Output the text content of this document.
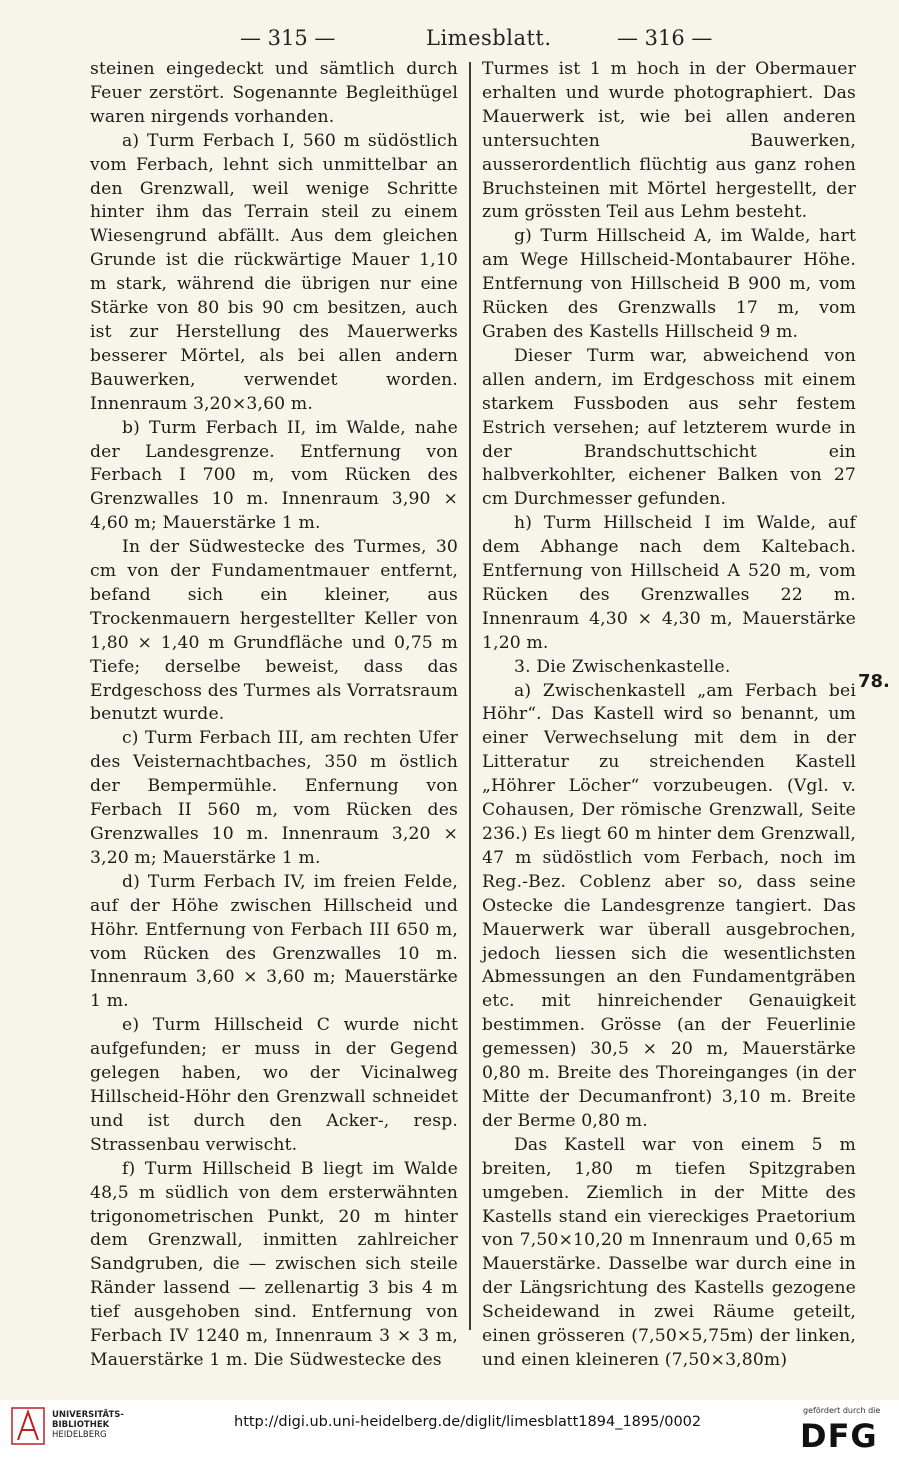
— 315 —	Limesblatt.	— 316 —

steinen eingedeckt und sämtlich durch Feuer zerstört. Sogenannte Begleithügel waren nirgends vorhanden.

a) Turm Ferbach I, 560 m südöstlich vom Ferbach, lehnt sich unmittelbar an den Grenzwall, weil wenige Schritte hinter ihm das Terrain steil zu einem Wiesengrund abfällt. Aus dem gleichen Grunde ist die rückwärtige Mauer 1,10 m stark, während die übrigen nur eine Stärke von 80 bis 90 cm besitzen, auch ist zur Herstellung des Mauerwerks besserer Mörtel, als bei allen andern Bauwerken, verwendet worden. Innenraum 3,20×3,60 m.

b) Turm Ferbach II, im Walde, nahe der Landesgrenze. Entfernung von Ferbach I 700 m, vom Rücken des Grenzwalles 10 m. Innenraum 3,90 × 4,60 m; Mauerstärke 1 m.

In der Südwestecke des Turmes, 30 cm von der Fundamentmauer entfernt, befand sich ein kleiner, aus Trockenmauern hergestellter Keller von 1,80 × 1,40 m Grundfläche und 0,75 m Tiefe; derselbe beweist, dass das Erdgeschoss des Turmes als Vorratsraum benutzt wurde.

c) Turm Ferbach III, am rechten Ufer des Veisternachtbaches, 350 m östlich der Bempermühle. Enfernung von Ferbach II 560 m, vom Rücken des Grenzwalles 10 m. Innenraum 3,20 × 3,20 m; Mauerstärke 1 m.

d) Turm Ferbach IV, im freien Felde, auf der Höhe zwischen Hillscheid und Höhr. Entfernung von Ferbach III 650 m, vom Rücken des Grenzwalles 10 m. Innenraum 3,60 × 3,60 m; Mauerstärke 1 m.

e) Turm Hillscheid C wurde nicht aufgefunden; er muss in der Gegend gelegen haben, wo der Vicinalweg Hillscheid-Höhr den Grenzwall schneidet und ist durch den Acker-, resp. Strassenbau verwischt.

f) Turm Hillscheid B liegt im Walde 48,5 m südlich von dem ersterwähnten trigonometrischen Punkt, 20 m hinter dem Grenzwall, inmitten zahlreicher Sandgruben, die — zwischen sich steile Ränder lassend — zellenartig 3 bis 4 m tief ausgehoben sind. Entfernung von Ferbach IV 1240 m, Innenraum 3 × 3 m, Mauerstärke 1 m. Die Südwestecke des

Turmes ist 1 m hoch in der Obermauer erhalten und wurde photographiert. Das Mauerwerk ist, wie bei allen anderen untersuchten Bauwerken, ausserordentlich flüchtig aus ganz rohen Bruchsteinen mit Mörtel hergestellt, der zum grössten Teil aus Lehm besteht.

g) Turm Hillscheid A, im Walde, hart am Wege Hillscheid-Montabaurer Höhe. Entfernung von Hillscheid B 900 m, vom Rücken des Grenzwalls 17 m, vom Graben des Kastells Hillscheid 9 m.

Dieser Turm war, abweichend von allen andern, im Erdgeschoss mit einem starkem Fussboden aus sehr festem Estrich versehen; auf letzterem wurde in der Brandschuttschicht ein halbverkohlter, eichener Balken von 27 cm Durchmesser gefunden.

h) Turm Hillscheid I im Walde, auf dem Abhange nach dem Kaltebach. Entfernung von Hillscheid A 520 m, vom Rücken des Grenzwalles 22 m. Innenraum 4,30 × 4,30 m, Mauerstärke 1,20 m.

3. Die Zwischenkastelle.

a) Zwischenkastell „am Ferbach bei Höhr“. Das Kastell wird so benannt, um einer Verwechselung mit dem in der Litteratur zu streichenden Kastell „Höhrer Löcher“ vorzubeugen. (Vgl. v. Cohausen, Der römische Grenzwall, Seite 236.) Es liegt 60 m hinter dem Grenzwall, 47 m südöstlich vom Ferbach, noch im Reg.-Bez. Coblenz aber so, dass seine Ostecke die Landesgrenze tangiert. Das Mauerwerk war überall ausgebrochen, jedoch liessen sich die wesentlichsten Abmessungen an den Fundamentgräben etc. mit hinreichender Genauigkeit bestimmen. Grösse (an der Feuerlinie gemessen) 30,5 × 20 m, Mauerstärke 0,80 m. Breite des Thoreinganges (in der Mitte der Decumanfront) 3,10 m. Breite der Berme 0,80 m.

Das Kastell war von einem 5 m breiten, 1,80 m tiefen Spitzgraben umgeben. Ziemlich in der Mitte des Kastells stand ein viereckiges Praetorium von 7,50×10,20 m Innenraum und 0,65 m Mauerstärke. Dasselbe war durch eine in der Längsrichtung des Kastells gezogene Scheidewand in zwei Räume geteilt, einen grösseren (7,50×5,75m) der linken, und einen kleineren (7,50×3,80m)

78.
UNIVERSITÄTS-
BIBLIOTHEK
HEIDELBERG
http://digi.ub.uni-heidelberg.de/diglit/limesblatt1894_1895/0002
gefördert durch die
DFG
